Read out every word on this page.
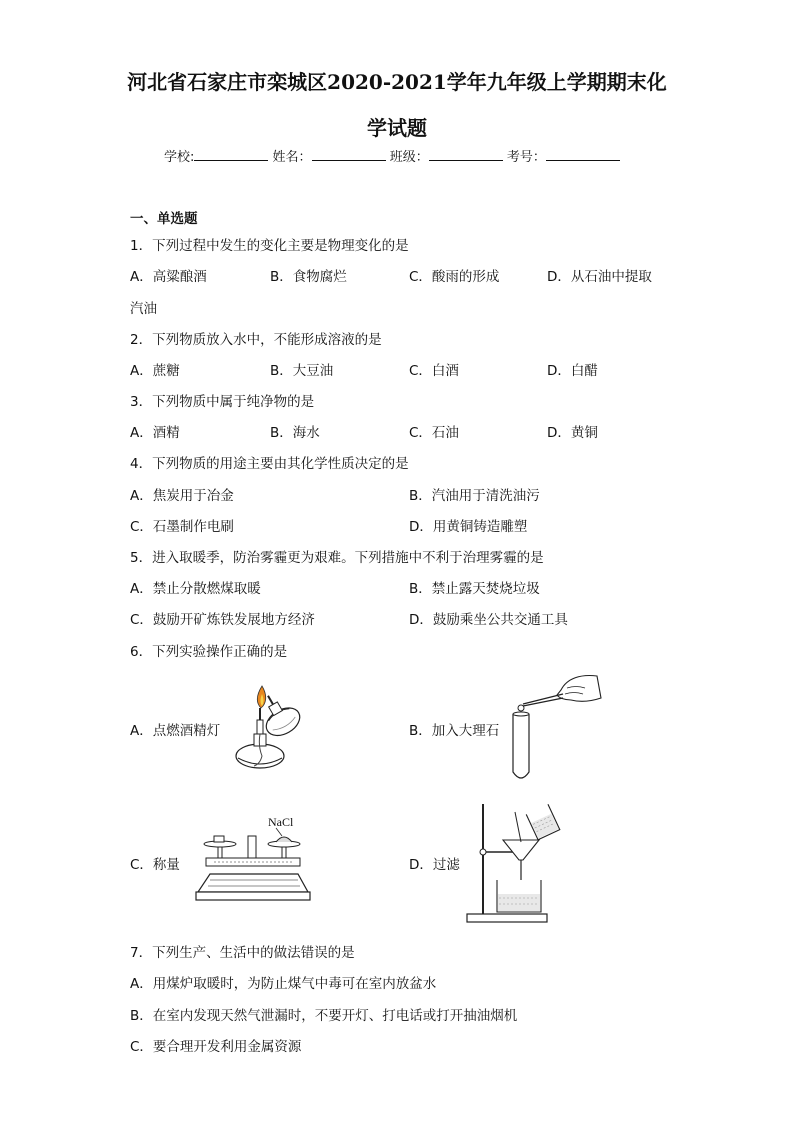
河北省石家庄市栾城区2020-2021学年九年级上学期期末化
学试题
学校:	姓名：	班级：	考号：
一、单选题
1．下列过程中发生的变化主要是物理变化的是
A．高粱酿酒	B．食物腐烂	C．酸雨的形成	D．从石油中提取
汽油
2．下列物质放入水中，不能形成溶液的是
A．蔗糖	B．大豆油	C．白酒	D．白醋
3．下列物质中属于纯净物的是
A．酒精	B．海水	C．石油	D．黄铜
4．下列物质的用途主要由其化学性质决定的是
A．焦炭用于冶金	B．汽油用于清洗油污
C．石墨制作电刷	D．用黄铜铸造雕塑
5．进入取暖季，防治雾霾更为艰难。下列措施中不利于治理雾霾的是
A．禁止分散燃煤取暖	B．禁止露天焚烧垃圾
C．鼓励开矿炼铁发展地方经济	D．鼓励乘坐公共交通工具
6．下列实验操作正确的是
A．点燃酒精灯	B．加入大理石
C．称量	D．过滤
NaCl
7．下列生产、生活中的做法错误的是
A．用煤炉取暖时，为防止煤气中毒可在室内放盆水
B．在室内发现天然气泄漏时，不要开灯、打电话或打开抽油烟机
C．要合理开发利用金属资源
